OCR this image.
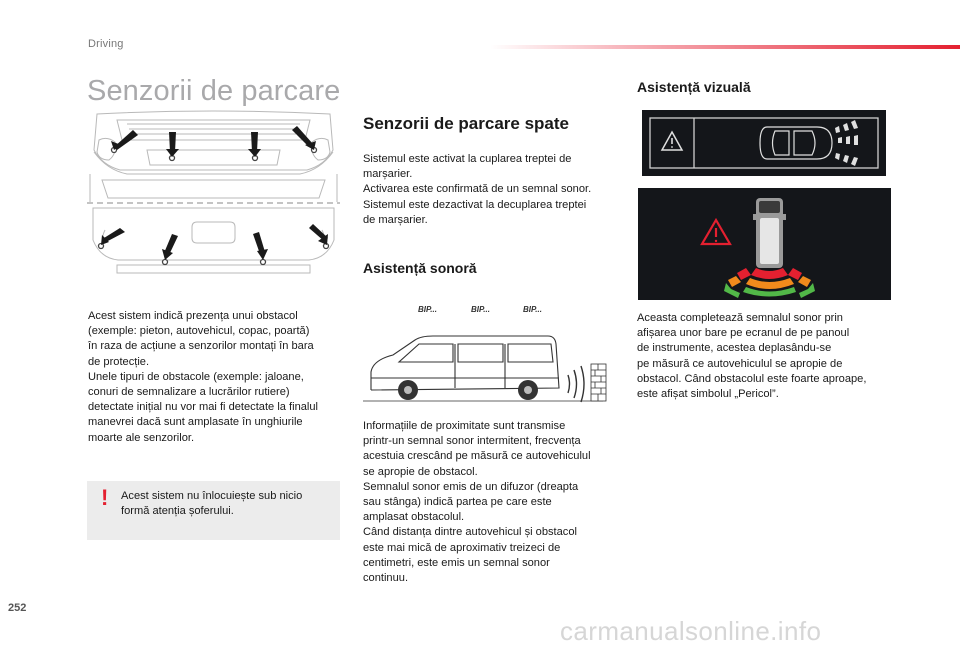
Driving
Senzorii de parcare

Acest sistem indică prezența unui obstacol
(exemple: pieton, autovehicul, copac, poartă)
în raza de acțiune a senzorilor montați în bara
de protecție.
Unele tipuri de obstacole (exemple: jaloane,
conuri de semnalizare a lucrărilor rutiere)
detectate inițial nu vor mai fi detectate la finalul
manevrei dacă sunt amplasate în unghiurile
moarte ale senzorilor.

! Acest sistem nu înlocuiește sub nicio
formă atenția șoferului.

Senzorii de parcare spate

Sistemul este activat la cuplarea treptei de
marșarier.
Activarea este confirmată de un semnal sonor.
Sistemul este dezactivat la decuplarea treptei
de marșarier.

Asistență sonoră
BIP...	BIP...	BIP...

Informațiile de proximitate sunt transmise
printr-un semnal sonor intermitent, frecvența
acestuia crescând pe măsură ce autovehiculul
se apropie de obstacol.
Semnalul sonor emis de un difuzor (dreapta
sau stânga) indică partea pe care este
amplasat obstacolul.
Când distanța dintre autovehicul și obstacol
este mai mică de aproximativ treizeci de
centimetri, este emis un semnal sonor
continuu.

Asistență vizuală

Aceasta completează semnalul sonor prin
afișarea unor bare pe ecranul de pe panoul
de instrumente, acestea deplasându-se
pe măsură ce autovehiculul se apropie de
obstacol. Când obstacolul este foarte aproape,
este afișat simbolul „Pericol”.

252
carmanualsonline.info
